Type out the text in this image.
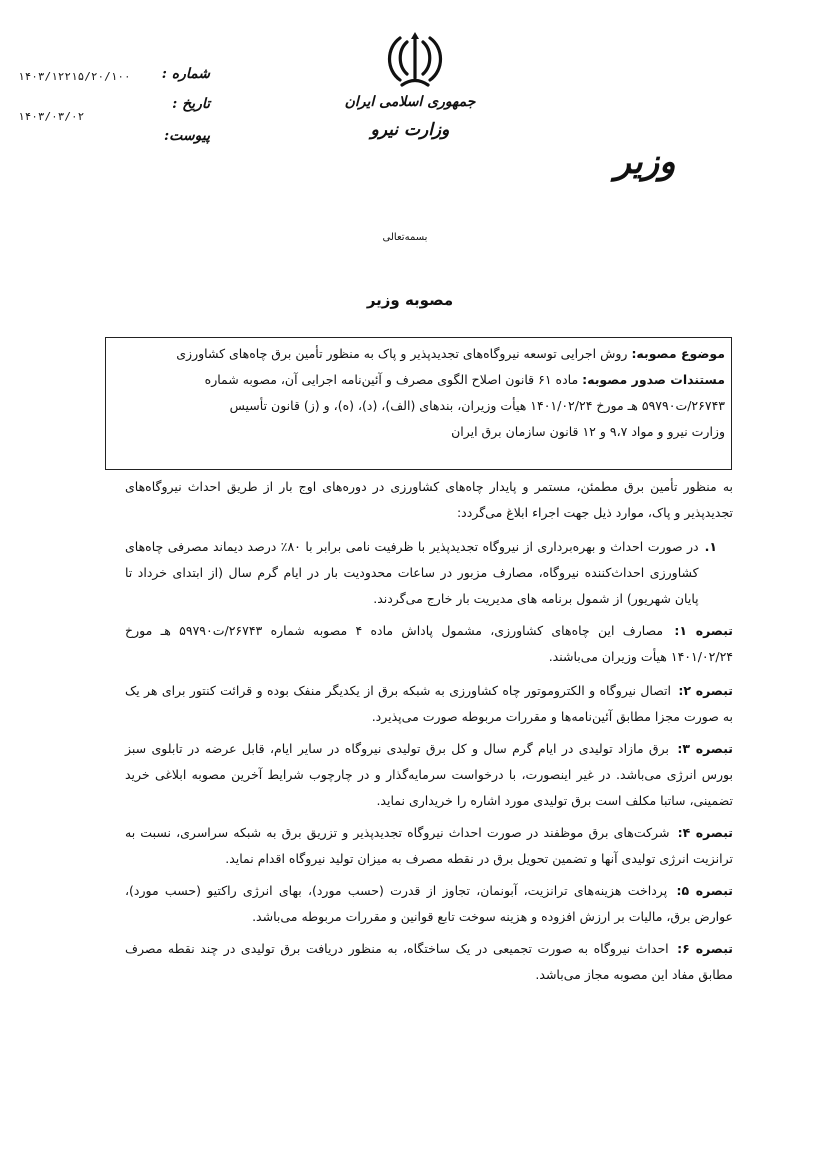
جمهوری اسلامی ایران
وزارت نیرو
وزیر
شماره :
۱۴۰۳/۱۲۲۱۵/۲۰/۱۰۰
تاریخ :
۱۴۰۳/۰۳/۰۲
پیوست:
بسمه‌تعالی
مصوبه وزیر
موضوع مصوبه: روش اجرایی توسعه نیروگاه‌های تجدیدپذیر و پاک به منظور تأمین برق چاه‌های کشاورزی
مستندات صدور مصوبه: ماده ۶۱ قانون اصلاح الگوی مصرف و آئین‌نامه اجرایی آن، مصوبه شماره
۲۶۷۴۳/ت۵۹۷۹۰ هـ مورخ ۱۴۰۱/۰۲/۲۴ هیأت وزیران، بندهای (الف)، (د)، (ه)، و (ز) قانون تأسیس
وزارت نیرو و مواد ۹،۷ و ۱۲ قانون سازمان برق ایران

به منظور تأمین برق مطمئن، مستمر و پایدار چاه‌های کشاورزی در دوره‌های اوج بار از طریق احداث نیروگاه‌های تجدیدپذیر و پاک، موارد ذیل جهت اجراء ابلاغ می‌گردد:

۱.
در صورت احداث و بهره‌برداری از نیروگاه تجدیدپذیر با ظرفیت نامی برابر با ۸۰٪ درصد دیماند مصرفی چاه‌های کشاورزی احداث‌کننده نیروگاه، مصارف مزبور در ساعات محدودیت بار در ایام گرم سال (از ابتدای خرداد تا پایان شهریور) از شمول برنامه های مدیریت بار خارج می‌گردند.

تبصره ۱: مصارف این چاه‌های کشاورزی، مشمول پاداش ماده ۴ مصوبه شماره ۲۶۷۴۳/ت۵۹۷۹۰ هـ مورخ ۱۴۰۱/۰۲/۲۴ هیأت وزیران می‌باشند.

تبصره ۲: اتصال نیروگاه و الکتروموتور چاه کشاورزی به شبکه برق از یکدیگر منفک بوده و قرائت کنتور برای هر یک به صورت مجزا مطابق آئین‌نامه‌ها و مقررات مربوطه صورت می‌پذیرد.

تبصره ۳: برق مازاد تولیدی در ایام گرم سال و کل برق تولیدی نیروگاه در سایر ایام، قابل عرضه در تابلوی سبز بورس انرژی می‌باشد. در غیر اینصورت، با درخواست سرمایه‌گذار و در چارچوب شرایط آخرین مصوبه ابلاغی خرید تضمینی، ساتبا مکلف است برق تولیدی مورد اشاره را خریداری نماید.

تبصره ۴: شرکت‌های برق موظفند در صورت احداث نیروگاه تجدیدپذیر و تزریق برق به شبکه سراسری، نسبت به ترانزیت انرژی تولیدی آنها و تضمین تحویل برق در نقطه مصرف به میزان تولید نیروگاه اقدام نماید.

تبصره ۵: پرداخت هزینه‌های ترانزیت، آبونمان، تجاوز از قدرت (حسب مورد)، بهای انرژی راکتیو (حسب مورد)، عوارض برق، مالیات بر ارزش افزوده و هزینه سوخت تابع قوانین و مقررات مربوطه می‌باشد.

تبصره ۶: احداث نیروگاه به صورت تجمیعی در یک ساختگاه، به منظور دریافت برق تولیدی در چند نقطه مصرف مطابق مفاد این مصوبه مجاز می‌باشد.
